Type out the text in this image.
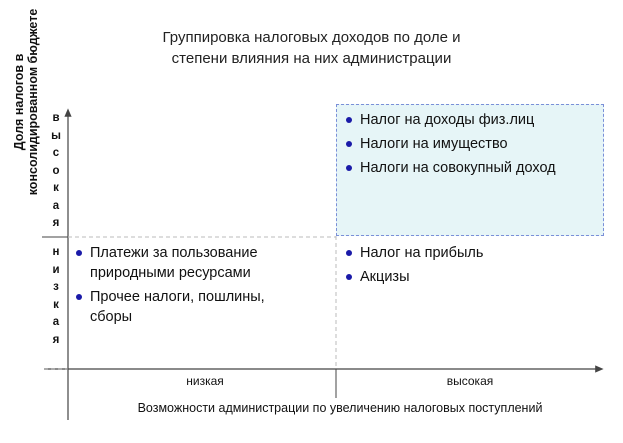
Группировка налоговых доходов по доле и
степени влияния на них администрации
Доля налогов в консолидированном бюджете в
ы
с
о
к
а
я
н
и
з
к
а
я
низкая	высокая
Возможности администрации по увеличению налоговых поступлений
Налог на доходы физ.лиц
Налоги на имущество
Налоги на совокупный доход
Платежи за пользование природными ресурсами
Прочее налоги, пошлины, сборы
Налог на прибыль
Акцизы
